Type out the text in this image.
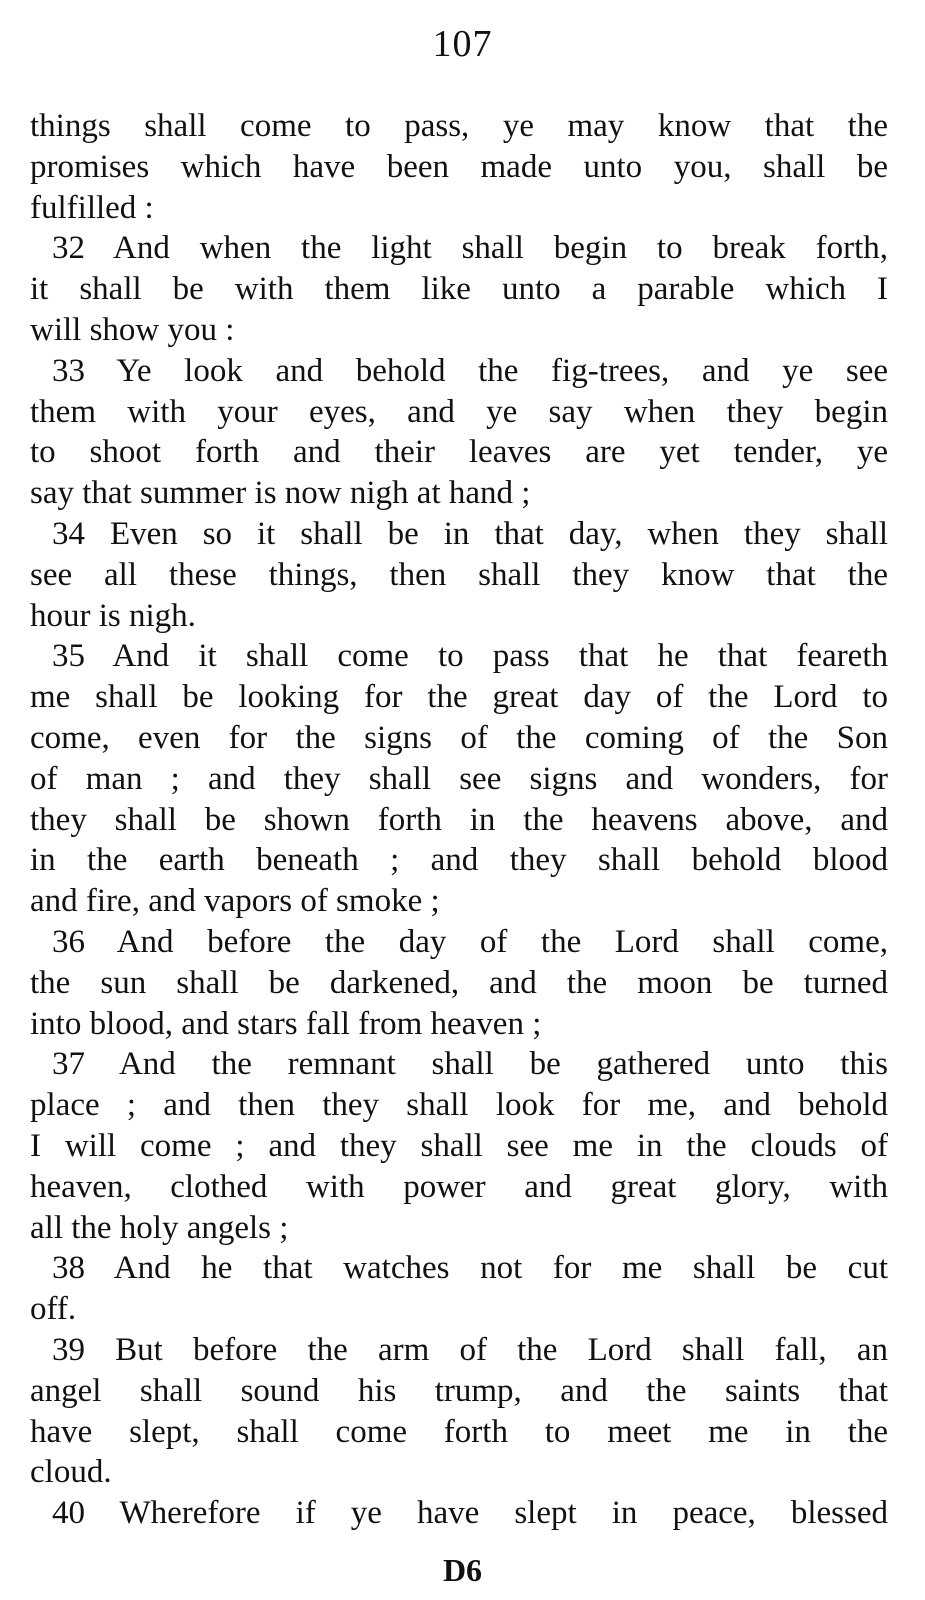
107
things shall come to pass, ye may know that the
promises which have been made unto you, shall be
fulfilled :
32 And when the light shall begin to break forth,
it shall be with them like unto a parable which I
will show you :
33 Ye look and behold the fig-trees, and ye see
them with your eyes, and ye say when they begin
to shoot forth and their leaves are yet tender, ye
say that summer is now nigh at hand ;
34 Even so it shall be in that day, when they shall
see all these things, then shall they know that the
hour is nigh.
35 And it shall come to pass that he that feareth
me shall be looking for the great day of the Lord to
come, even for the signs of the coming of the Son
of man ; and they shall see signs and wonders, for
they shall be shown forth in the heavens above, and
in the earth beneath ; and they shall behold blood
and fire, and vapors of smoke ;
36 And before the day of the Lord shall come,
the sun shall be darkened, and the moon be turned
into blood, and stars fall from heaven ;
37 And the remnant shall be gathered unto this
place ; and then they shall look for me, and behold
I will come ; and they shall see me in the clouds of
heaven, clothed with power and great glory, with
all the holy angels ;
38 And he that watches not for me shall be cut
off.
39 But before the arm of the Lord shall fall, an
angel shall sound his trump, and the saints that
have slept, shall come forth to meet me in the
cloud.
40 Wherefore if ye have slept in peace, blessed
D6
